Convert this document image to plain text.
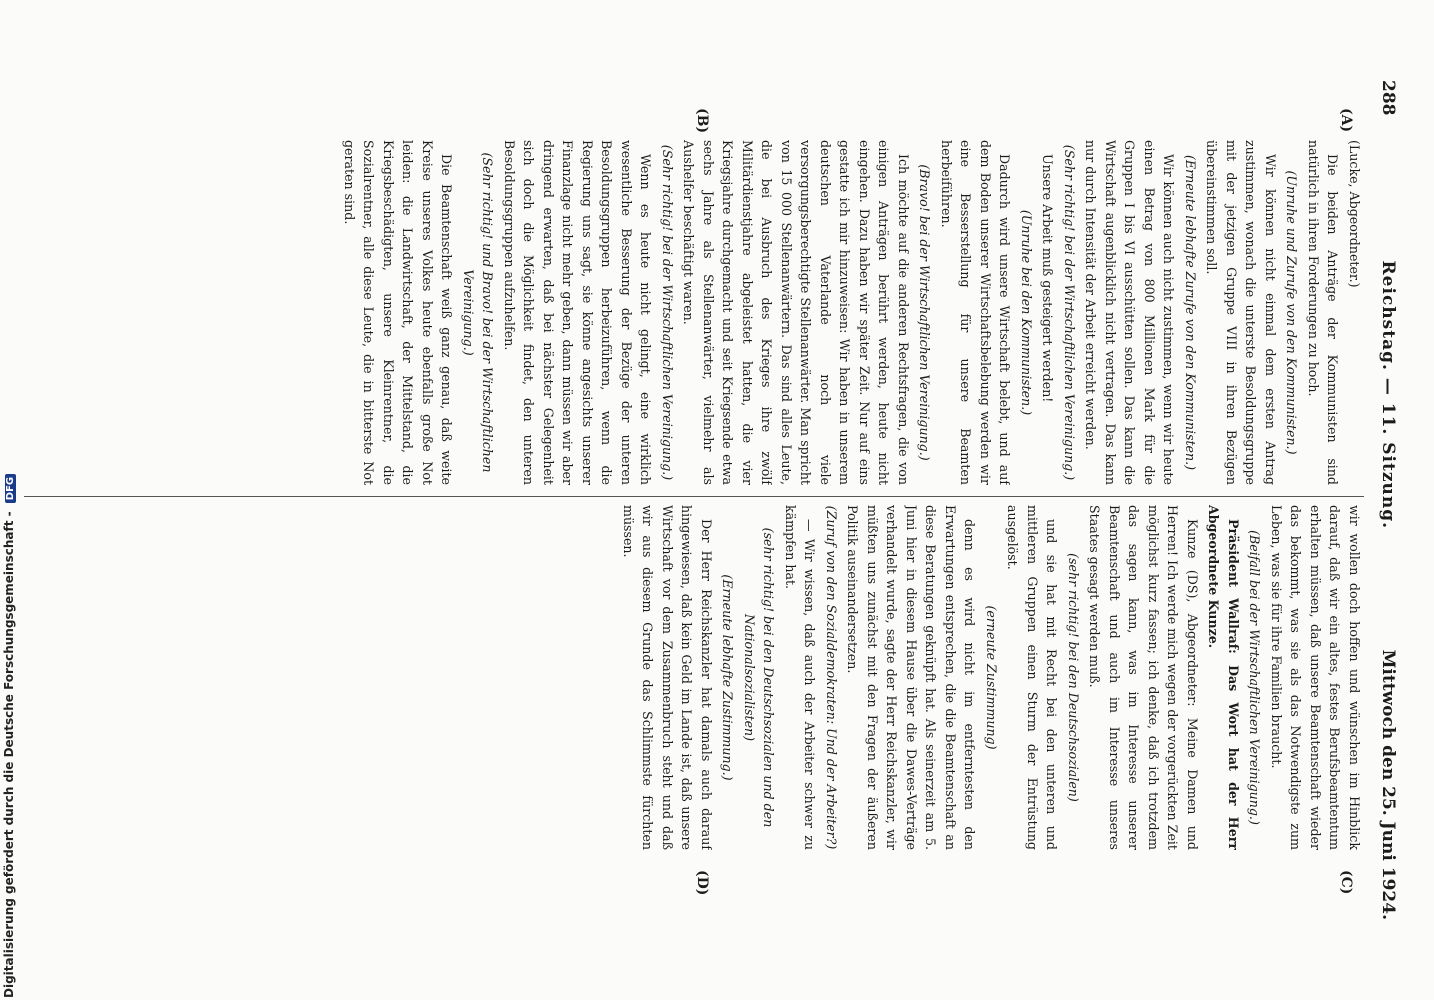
288
Reichstag. — 11. Sitzung.
Mittwoch den 25. Juni 1924.
(A)
(B)
(C)
(D)

(Lucke, Abgeordneter.)

Die beiden Anträge der Kommunisten sind natürlich in ihren Forderungen zu hoch.

(Unruhe und Zurufe von den Kommunisten.)

Wir können nicht einmal dem ersten Antrag zustimmen, wonach die unterste Besoldungsgruppe mit der jetzigen Gruppe VIII in ihren Bezügen übereinstimmen soll.

(Erneute lebhafte Zurufe von den Kommunisten.)

Wir können auch nicht zustimmen, wenn wir heute einen Betrag von 800 Millionen Mark für die Gruppen I bis VI ausschütten sollen. Das kann die Wirtschaft augenblicklich nicht vertragen. Das kann nur durch Intensität der Arbeit erreicht werden.

(Sehr richtig! bei der Wirtschaftlichen Vereinigung.)

Unsere Arbeit muß gesteigert werden!

(Unruhe bei den Kommunisten.)

Dadurch wird unsere Wirtschaft belebt, und auf dem Boden unserer Wirtschaftsbelebung werden wir eine Besserstellung für unsere Beamten herbeiführen.

(Bravo! bei der Wirtschaftlichen Vereinigung.)

Ich möchte auf die anderen Rechtsfragen, die von einigen Anträgen berührt werden, heute nicht eingehen. Dazu haben wir später Zeit. Nur auf eins gestatte ich mir hinzuweisen: Wir haben in unserem deutschen Vaterlande noch viele versorgungsberechtigte Stellenanwärter. Man spricht von 15 000 Stellenanwärtern. Das sind alles Leute, die bei Ausbruch des Krieges ihre zwölf Militärdienstjahre abgeleistet hatten, die vier Kriegsjahre durchgemacht und seit Kriegsende etwa sechs Jahre als Stellenanwärter, vielmehr als Aushelfer beschäftigt waren.

(Sehr richtig! bei der Wirtschaftlichen Vereinigung.)

Wenn es heute nicht gelingt, eine wirklich wesentliche Besserung der Bezüge der unteren Besoldungsgruppen herbeizuführen, wenn die Regierung uns sagt, sie könne angesichts unserer Finanzlage nicht mehr geben, dann müssen wir aber dringend erwarten, daß bei nächster Gelegenheit sich doch die Möglichkeit findet, den unteren Besoldungsgruppen aufzuhelfen.

(Sehr richtig! und Bravo! bei der Wirtschaftlichen Vereinigung.)

Die Beamtenschaft weiß ganz genau, daß weite Kreise unseres Volkes heute ebenfalls große Not leiden: die Landwirtschaft, der Mittelstand, die Kriegsbeschädigten, unsere Kleinrentner, die Sozialrentner, alle diese Leute, die in bitterste Not geraten sind.

wir wollen doch hoffen und wünschen im Hinblick darauf, daß wir ein altes, festes Berufsbeamtentum erhalten müssen, daß unsere Beamtenschaft wieder das bekommt, was sie als das Notwendigste zum Leben, was sie für ihre Familien braucht.

(Beifall bei der Wirtschaftlichen Vereinigung.)

Präsident Wallraf: Das Wort hat der Herr Abgeordnete Kunze.

Kunze (DS), Abgeordneter: Meine Damen und Herren! Ich werde mich wegen der vorgerückten Zeit möglichst kurz fassen; ich denke, daß ich trotzdem das sagen kann, was im Interesse unserer Beamtenschaft und auch im Interesse unseres Staates gesagt werden muß.

(sehr richtig! bei den Deutschsozialen)

und sie hat mit Recht bei den unteren und mittleren Gruppen einen Sturm der Entrüstung ausgelöst.

(erneute Zustimmung)

denn es wird nicht im entferntesten den Erwartungen entsprechen, die die Beamtenschaft an diese Beratungen geknüpft hat. Als seinerzeit am 5. Juni hier in diesem Hause über die Dawes-Verträge verhandelt wurde, sagte der Herr Reichskanzler, wir müßten uns zunächst mit den Fragen der äußeren Politik auseinandersetzen.

(Zuruf von den Sozialdemokraten: Und der Arbeiter?)

— Wir wissen, daß auch der Arbeiter schwer zu kämpfen hat.

(sehr richtig! bei den Deutschsozialen und den Nationalsozialisten)

(Erneute lebhafte Zustimmung.)

Der Herr Reichskanzler hat damals auch darauf hingewiesen, daß kein Geld im Lande ist, daß unsere Wirtschaft vor dem Zusammenbruch steht und daß wir aus diesem Grunde das Schlimmste fürchten müssen.

Digitalisierung gefördert durch die Deutsche Forschungsgemeinschaft - DFG
